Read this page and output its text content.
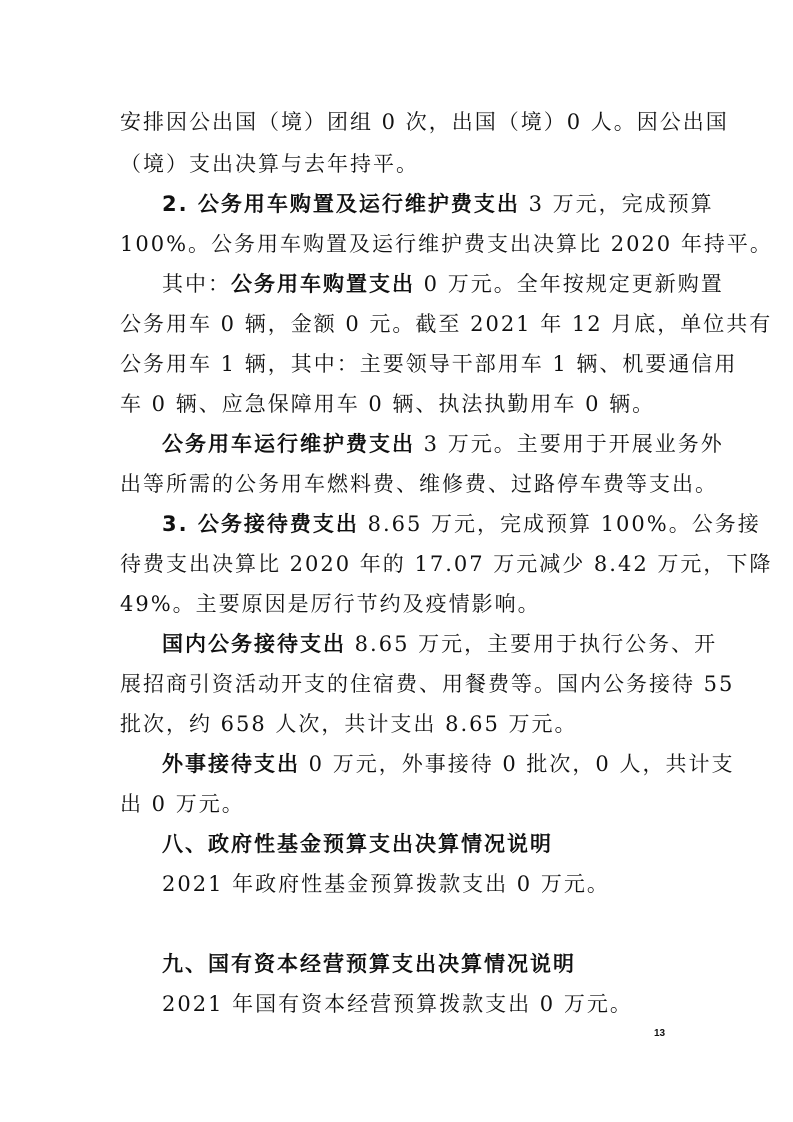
安排因公出国（境）团组 0 次，出国（境）0 人。因公出国
（境）支出决算与去年持平。
2. 公务用车购置及运行维护费支出 3 万元，完成预算
100%。公务用车购置及运行维护费支出决算比 2020 年持平。
其中：公务用车购置支出 0 万元。全年按规定更新购置
公务用车 0 辆，金额 0 元。截至 2021 年 12 月底，单位共有
公务用车 1 辆，其中：主要领导干部用车 1 辆、机要通信用
车 0 辆、应急保障用车 0 辆、执法执勤用车 0 辆。
公务用车运行维护费支出 3 万元。主要用于开展业务外
出等所需的公务用车燃料费、维修费、过路停车费等支出。
3. 公务接待费支出 8.65 万元，完成预算 100%。公务接
待费支出决算比 2020 年的 17.07 万元减少 8.42 万元，下降
49%。主要原因是厉行节约及疫情影响。
国内公务接待支出 8.65 万元，主要用于执行公务、开
展招商引资活动开支的住宿费、用餐费等。国内公务接待 55
批次，约 658 人次，共计支出 8.65 万元。
外事接待支出 0 万元，外事接待 0 批次，0 人，共计支
出 0 万元。
八、政府性基金预算支出决算情况说明
2021 年政府性基金预算拨款支出 0 万元。
九、国有资本经营预算支出决算情况说明
2021 年国有资本经营预算拨款支出 0 万元。
13
